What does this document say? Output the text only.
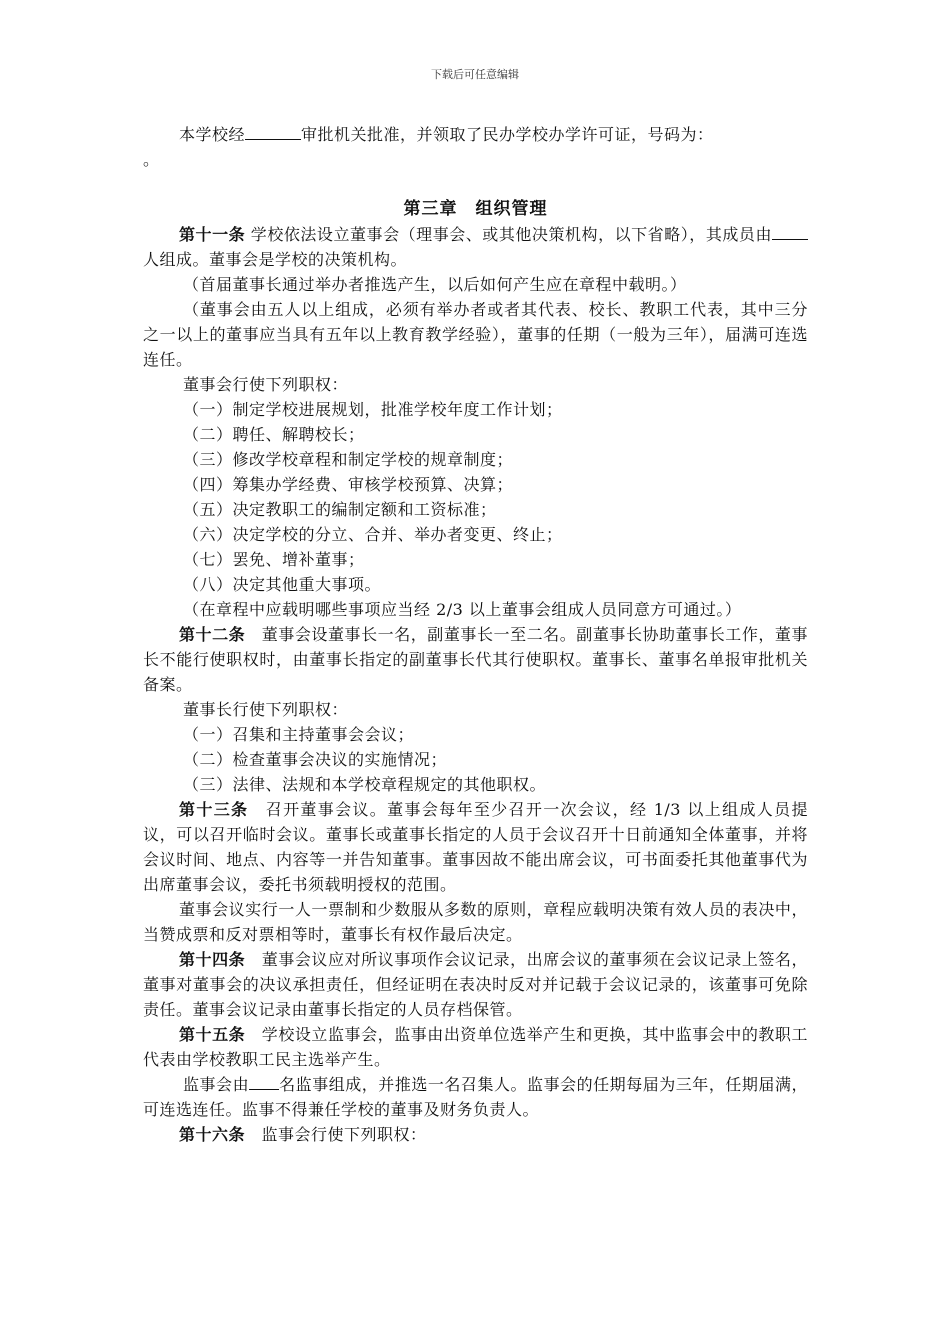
下载后可任意编辑

本学校经	审批机关批准，并领取了民办学校办学许可证，号码为：
。

第三章　组织管理

第十一条 学校依法设立董事会（理事会、或其他决策机构，以下省略），其成员由人组成。董事会是学校的决策机构。

（首届董事长通过举办者推选产生，以后如何产生应在章程中载明。）

（董事会由五人以上组成，必须有举办者或者其代表、校长、教职工代表，其中三分之一以上的董事应当具有五年以上教育教学经验），董事的任期（一般为三年），届满可连选连任。

董事会行使下列职权：

（一）制定学校进展规划，批准学校年度工作计划；

（二）聘任、解聘校长；

（三）修改学校章程和制定学校的规章制度；

（四）筹集办学经费、审核学校预算、决算；

（五）决定教职工的编制定额和工资标准；

（六）决定学校的分立、合并、举办者变更、终止；

（七）罢免、增补董事；

（八）决定其他重大事项。

（在章程中应载明哪些事项应当经 2/3 以上董事会组成人员同意方可通过。）

第十二条　董事会设董事长一名，副董事长一至二名。副董事长协助董事长工作，董事长不能行使职权时，由董事长指定的副董事长代其行使职权。董事长、董事名单报审批机关备案。

董事长行使下列职权：

（一）召集和主持董事会会议；

（二）检查董事会决议的实施情况；

（三）法律、法规和本学校章程规定的其他职权。

第十三条　召开董事会议。董事会每年至少召开一次会议，经 1/3 以上组成人员提议，可以召开临时会议。董事长或董事长指定的人员于会议召开十日前通知全体董事，并将会议时间、地点、内容等一并告知董事。董事因故不能出席会议，可书面委托其他董事代为出席董事会议，委托书须载明授权的范围。

董事会议实行一人一票制和少数服从多数的原则，章程应载明决策有效人员的表决中，当赞成票和反对票相等时，董事长有权作最后决定。

第十四条　董事会议应对所议事项作会议记录，出席会议的董事须在会议记录上签名，董事对董事会的决议承担责任，但经证明在表决时反对并记载于会议记录的，该董事可免除责任。董事会议记录由董事长指定的人员存档保管。

第十五条　学校设立监事会，监事由出资单位选举产生和更换，其中监事会中的教职工代表由学校教职工民主选举产生。

监事会由 名监事组成，并推选一名召集人。监事会的任期每届为三年，任期届满，可连选连任。监事不得兼任学校的董事及财务负责人。

第十六条　监事会行使下列职权：
